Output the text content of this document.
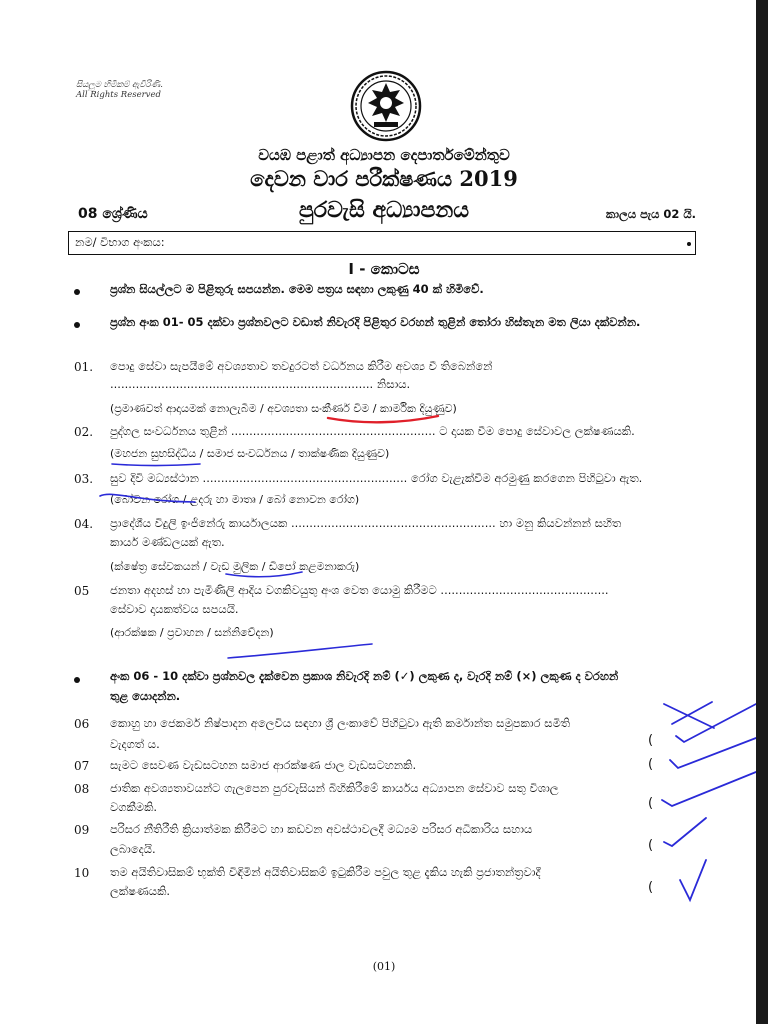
සියලුම හිමිකම් ඇවිරිණි.
All Rights Reserved
වයඹ පළාත් අධ්‍යාපන දෙපාර්තමේන්තුව
දෙවන වාර පරීක්ෂණය 2019
08 ශ්‍රේණිය	පුරවැසි අධ්‍යාපනය	කාලය පැය 02 යි.
නම/ විභාග අංකය:
I - කොටස
ප්‍රශ්න සියල්ලට ම පිළිතුරු සපයන්න. මෙම පත්‍රය සඳහා ලකුණු 40 ක් හිමිවේ.
ප්‍රශ්න අංක 01- 05 දක්වා ප්‍රශ්නවලට වඩාත් නිවැරදි පිළිතුර වරහන් තුළින් තෝරා හිස්තැන මත ලියා දක්වන්න.
01. පොදු සේවා සැපයීමේ අවශ්‍යතාව තවදුරටත් වර්ධනය කිරීම අවශ්‍ය වී තිබෙන්නේ
........................................................................ නිසාය.
(ප්‍රමාණවත් ආදායමක් නොලැබීම / අවශ්‍යතා සංකීර්ණ වීම / කාර්මික දියුණුව)
02. පුද්ගල සංවර්ධනය තුළින් ........................................................ ට දායක වීම පොදු සේවාවල ලක්ෂණයකි.
(මහජන සුභසිද්ධිය / සමාජ සංවර්ධනය / තාක්ෂණික දියුණුව)
03. සුව දිවි මධ්‍යස්ථාන ........................................................ රෝග වැළැක්වීම අරමුණු කරගෙන පිහිටුවා ඇත.
(බෝවන රෝග / ළදරු හා මාතෘ / බෝ නොවන රෝග)
04. ප්‍රාදේශීය විදුලි ඉංජිනේරු කාර්යාලයක ........................................................ හා මනු කියවන්නන් සහිත
කාර්ය මණ්ඩලයක් ඇත.
(ක්ෂේත්‍ර සේවකයන් / වැඩ මුලික / ඩිපෝ කළමනාකරු)
05 ජනතා අදහස් හා පැමිණිලි ආදිය වගකිවයුතු අංශ වෙත යොමු කිරීමට ..............................................
සේවාව දායකත්වය සපයයි.
(ආරක්ෂක / ප්‍රවාහන / සන්නිවේදන)
අංක 06 - 10 දක්වා ප්‍රශ්නවල දැක්වෙන ප්‍රකාශ නිවැරදි නම් (✓) ලකුණ ද, වැරදි නම් (×) ලකුණ ද වරහන්
තුළ යොදන්න.
06 කොහු හා ජෙකර්ම නිෂ්පාදන අලෙවිය සඳහා ශ්‍රී ලංකාවේ පිහිටුවා ඇති කර්මාන්ත සමුපකාර සමිති
වැදගත් ය.	(
07 සැමට සෙවණ වැඩසටහන සමාජ ආරක්ෂණ ජාල වැඩසටහනකි.	(
08 ජාතික අවශ්‍යතාවයන්ට ගැලපෙන පුරවැසියන් බිහිකිරීමේ කාර්යය අධ්‍යාපන සේවාව සතු විශාල
වගකීමකි.	(
09 පරිසර නීතිරීති ක්‍රියාත්මක කිරීමට හා කඩවන අවස්ථාවලදී මධ්‍යම පරිසර අධිකාරිය සහාය
ලබාදෙයි.	(
10 තම අයිතිවාසිකම් භුක්ති විඳිමින් අයිතිවාසිකම් ඉටුකිරීම පවුල තුළ දැකිය හැකි ප්‍රජාතන්ත්‍රවාදී
ලක්ෂණයකි.	(
(01)
